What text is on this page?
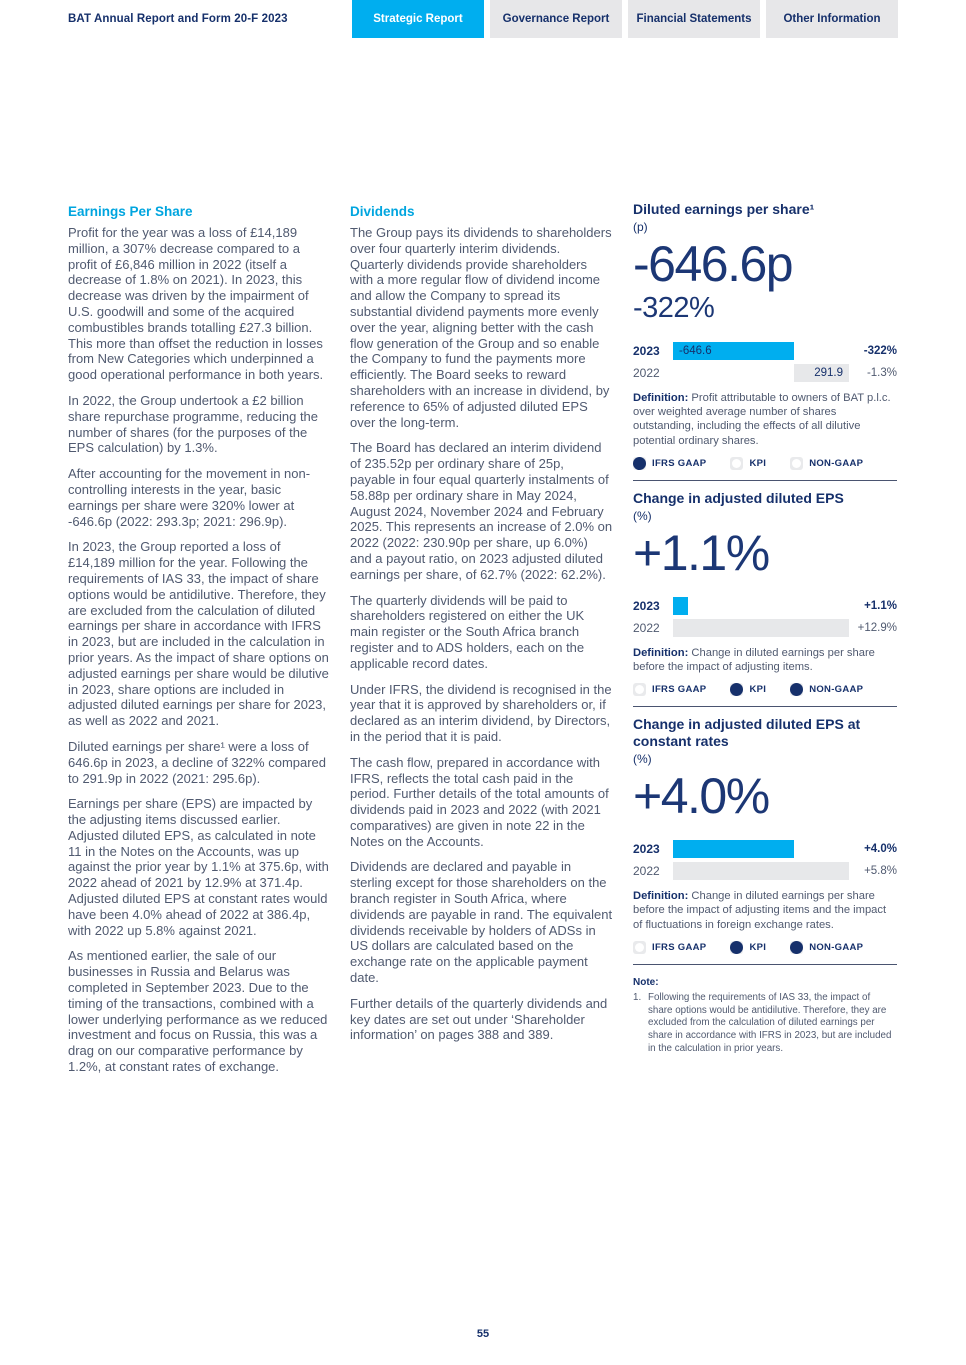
BAT Annual Report and Form 20-F 2023	Strategic Report	Governance Report	Financial Statements	Other Information
Earnings Per Share

Profit for the year was a loss of £14,189 million, a 307% decrease compared to a profit of £6,846 million in 2022 (itself a decrease of 1.8% on 2021). In 2023, this decrease was driven by the impairment of U.S. goodwill and some of the acquired combustibles brands totalling £27.3 billion. This more than offset the reduction in losses from New Categories which underpinned a good operational performance in both years.

In 2022, the Group undertook a £2 billion share repurchase programme, reducing the number of shares (for the purposes of the EPS calculation) by 1.3%.

After accounting for the movement in non-controlling interests in the year, basic earnings per share were 320% lower at -646.6p (2022: 293.3p; 2021: 296.9p).

In 2023, the Group reported a loss of £14,189 million for the year. Following the requirements of IAS 33, the impact of share options would be antidilutive. Therefore, they are excluded from the calculation of diluted earnings per share in accordance with IFRS in 2023, but are included in the calculation in prior years. As the impact of share options on adjusted earnings per share would be dilutive in 2023, share options are included in adjusted diluted earnings per share for 2023, as well as 2022 and 2021.

Diluted earnings per share¹ were a loss of 646.6p in 2023, a decline of 322% compared to 291.9p in 2022 (2021: 295.6p).

Earnings per share (EPS) are impacted by the adjusting items discussed earlier. Adjusted diluted EPS, as calculated in note 11 in the Notes on the Accounts, was up against the prior year by 1.1% at 375.6p, with 2022 ahead of 2021 by 12.9% at 371.4p. Adjusted diluted EPS at constant rates would have been 4.0% ahead of 2022 at 386.4p, with 2022 up 5.8% against 2021.

As mentioned earlier, the sale of our businesses in Russia and Belarus was completed in September 2023. Due to the timing of the transactions, combined with a lower underlying performance as we reduced investment and focus on Russia, this was a drag on our comparative performance by 1.2%, at constant rates of exchange.

Dividends

The Group pays its dividends to shareholders over four quarterly interim dividends. Quarterly dividends provide shareholders with a more regular flow of dividend income and allow the Company to spread its substantial dividend payments more evenly over the year, aligning better with the cash flow generation of the Group and so enable the Company to fund the payments more efficiently. The Board seeks to reward shareholders with an increase in dividend, by reference to 65% of adjusted diluted EPS over the long-term.

The Board has declared an interim dividend of 235.52p per ordinary share of 25p, payable in four equal quarterly instalments of 58.88p per ordinary share in May 2024, August 2024, November 2024 and February 2025. This represents an increase of 2.0% on 2022 (2022: 230.90p per share, up 6.0%) and a payout ratio, on 2023 adjusted diluted earnings per share, of 62.7% (2022: 62.2%).

The quarterly dividends will be paid to shareholders registered on either the UK main register or the South Africa branch register and to ADS holders, each on the applicable record dates.

Under IFRS, the dividend is recognised in the year that it is approved by shareholders or, if declared as an interim dividend, by Directors, in the period that it is paid.

The cash flow, prepared in accordance with IFRS, reflects the total cash paid in the period. Further details of the total amounts of dividends paid in 2023 and 2022 (with 2021 comparatives) are given in note 22 in the Notes on the Accounts.

Dividends are declared and payable in sterling except for those shareholders on the branch register in South Africa, where dividends are payable in rand. The equivalent dividends receivable by holders of ADSs in US dollars are calculated based on the exchange rate on the applicable payment date.

Further details of the quarterly dividends and key dates are set out under ‘Shareholder information’ on pages 388 and 389.

Diluted earnings per share¹
(p)
-646.6p
-322%
2023	-646.6	-322%
2022	291.9	-1.3%

Definition: Profit attributable to owners of BAT p.l.c. over weighted average number of shares outstanding, including the effects of all dilutive potential ordinary shares.

IFRS GAAP	KPI	NON-GAAP
Change in adjusted diluted EPS
(%)
+1.1%
2023	+1.1%
2022	+12.9%

Definition: Change in diluted earnings per share before the impact of adjusting items.

IFRS GAAP	KPI	NON-GAAP
Change in adjusted diluted EPS at constant rates
(%)
+4.0%
2023	+4.0%
2022	+5.8%

Definition: Change in diluted earnings per share before the impact of adjusting items and the impact of fluctuations in foreign exchange rates.

IFRS GAAP	KPI	NON-GAAP
Note:
1. Following the requirements of IAS 33, the impact of share options would be antidilutive. Therefore, they are excluded from the calculation of diluted earnings per share in accordance with IFRS in 2023, but are included in the calculation in prior years.
55
